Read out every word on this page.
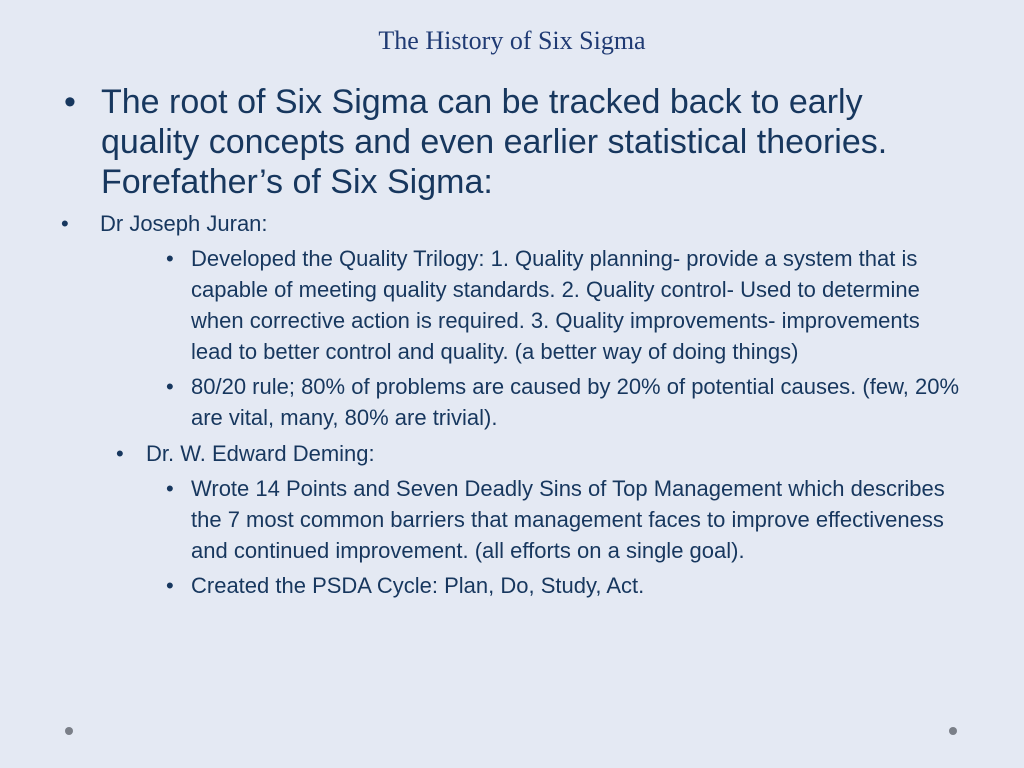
The History of Six Sigma

• The root of Six Sigma can be tracked back to early quality concepts and even earlier statistical theories. Forefather’s of Six Sigma:

• Dr Joseph Juran:

• Developed the Quality Trilogy: 1. Quality planning- provide a system that is capable of meeting quality standards. 2. Quality control- Used to determine when corrective action is required. 3. Quality improvements- improvements lead to better control and quality. (a better way of doing things)

• 80/20 rule; 80% of problems are caused by 20% of potential causes. (few, 20% are vital, many, 80% are trivial).

• Dr. W. Edward Deming:

• Wrote 14 Points and Seven Deadly Sins of Top Management which describes the 7 most common barriers that management faces to improve effectiveness and continued improvement. (all efforts on a single goal).

• Created the PSDA Cycle: Plan, Do, Study, Act.
